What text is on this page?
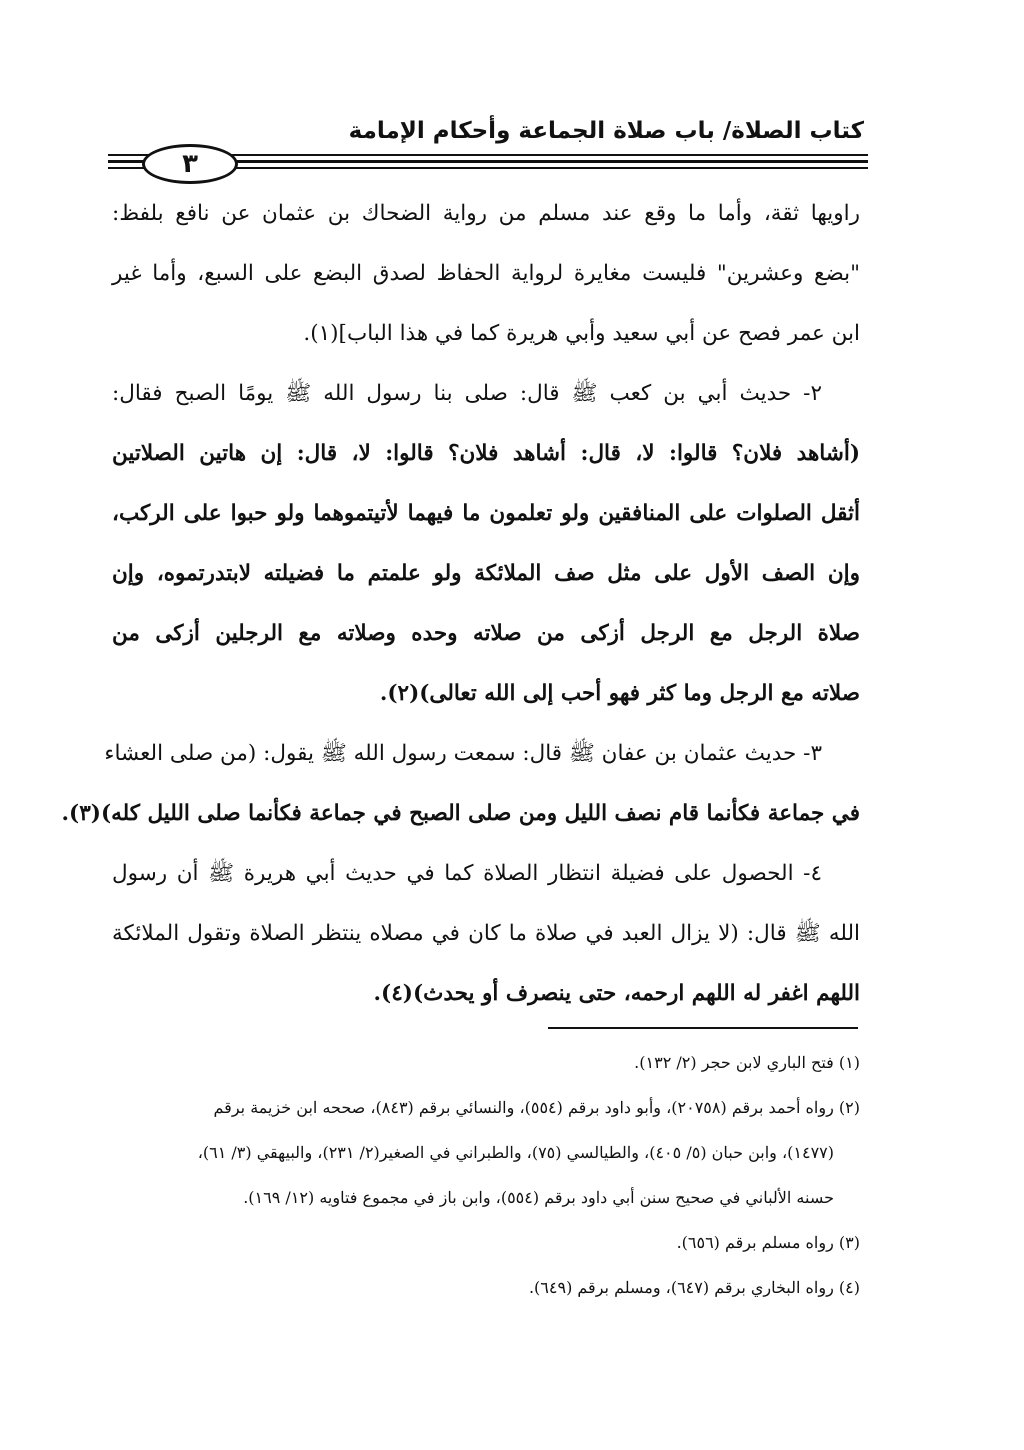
كتاب الصلاة/ باب صلاة الجماعة وأحكام الإمامة
٣
راويها ثقة، وأما ما وقع عند مسلم من رواية الضحاك بن عثمان عن نافع بلفظ:
"بضع وعشرين" فليست مغايرة لرواية الحفاظ لصدق البضع على السبع، وأما غير
ابن عمر فصح عن أبي سعيد وأبي هريرة كما في هذا الباب](١).
٢- حديث أبي بن كعب ﷺ قال: صلى بنا رسول الله ﷺ يومًا الصبح فقال:
(أشاهد فلان؟ قالوا: لا، قال: أشاهد فلان؟ قالوا: لا، قال: إن هاتين الصلاتين
أثقل الصلوات على المنافقين ولو تعلمون ما فيهما لأتيتموهما ولو حبوا على الركب،
وإن الصف الأول على مثل صف الملائكة ولو علمتم ما فضيلته لابتدرتموه، وإن
صلاة الرجل مع الرجل أزكى من صلاته وحده وصلاته مع الرجلين أزكى من
صلاته مع الرجل وما كثر فهو أحب إلى الله تعالى)(٢).
٣- حديث عثمان بن عفان ﷺ قال: سمعت رسول الله ﷺ يقول: (من صلى العشاء
في جماعة فكأنما قام نصف الليل ومن صلى الصبح في جماعة فكأنما صلى الليل كله)(٣).
٤- الحصول على فضيلة انتظار الصلاة كما في حديث أبي هريرة ﷺ أن رسول
الله ﷺ قال: (لا يزال العبد في صلاة ما كان في مصلاه ينتظر الصلاة وتقول الملائكة
اللهم اغفر له اللهم ارحمه، حتى ينصرف أو يحدث)(٤).
(١) فتح الباري لابن حجر (٢/ ١٣٢).
(٢) رواه أحمد برقم (٢٠٧٥٨)، وأبو داود برقم (٥٥٤)، والنسائي برقم (٨٤٣)، صححه ابن خزيمة برقم
(١٤٧٧)، وابن حبان (٥/ ٤٠٥)، والطيالسي (٧٥)، والطبراني في الصغير(٢/ ٢٣١)، والبيهقي (٣/ ٦١)،
حسنه الألباني في صحيح سنن أبي داود برقم (٥٥٤)، وابن باز في مجموع فتاويه (١٢/ ١٦٩).
(٣) رواه مسلم برقم (٦٥٦).
(٤) رواه البخاري برقم (٦٤٧)، ومسلم برقم (٦٤٩).
